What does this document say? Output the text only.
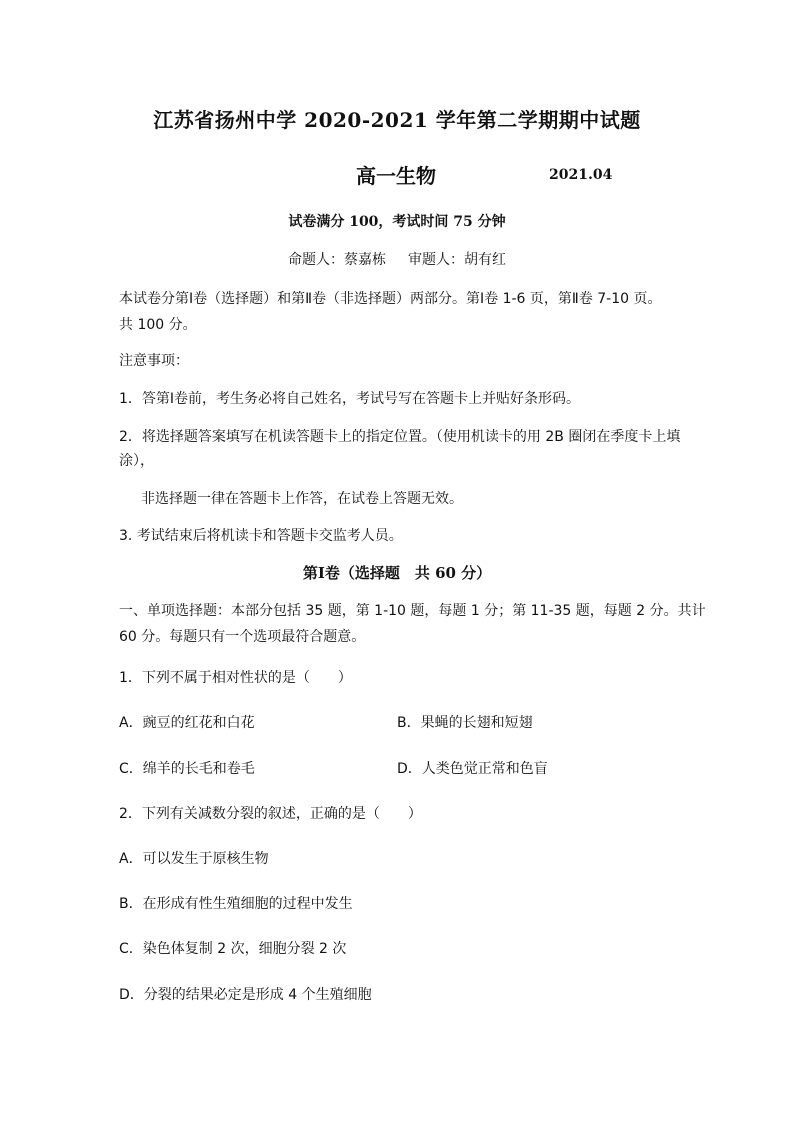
江苏省扬州中学 2020-2021 学年第二学期期中试题
高一生物	2021.04
试卷满分 100，考试时间 75 分钟
命题人：蔡嘉栋 审题人：胡有红
本试卷分第Ⅰ卷（选择题）和第Ⅱ卷（非选择题）两部分。第Ⅰ卷 1-6 页，第Ⅱ卷 7-10 页。
共 100 分。
注意事项：
1．答第Ⅰ卷前，考生务必将自己姓名，考试号写在答题卡上并贴好条形码。
2．将选择题答案填写在机读答题卡上的指定位置。（使用机读卡的用 2B 圈闭在季度卡上填
涂），
非选择题一律在答题卡上作答，在试卷上答题无效。
3. 考试结束后将机读卡和答题卡交监考人员。
第Ⅰ卷（选择题　共 60 分）
一、单项选择题：本部分包括 35 题，第 1-10 题，每题 1 分；第 11-35 题，每题 2 分。共计
60 分。每题只有一个选项最符合题意。
1．下列不属于相对性状的是（　　）
A．豌豆的红花和白花	B．果蝇的长翅和短翅
C．绵羊的长毛和卷毛	D．人类色觉正常和色盲
2．下列有关减数分裂的叙述，正确的是（　　）
A．可以发生于原核生物
B．在形成有性生殖细胞的过程中发生
C．染色体复制 2 次，细胞分裂 2 次
D．分裂的结果必定是形成 4 个生殖细胞
